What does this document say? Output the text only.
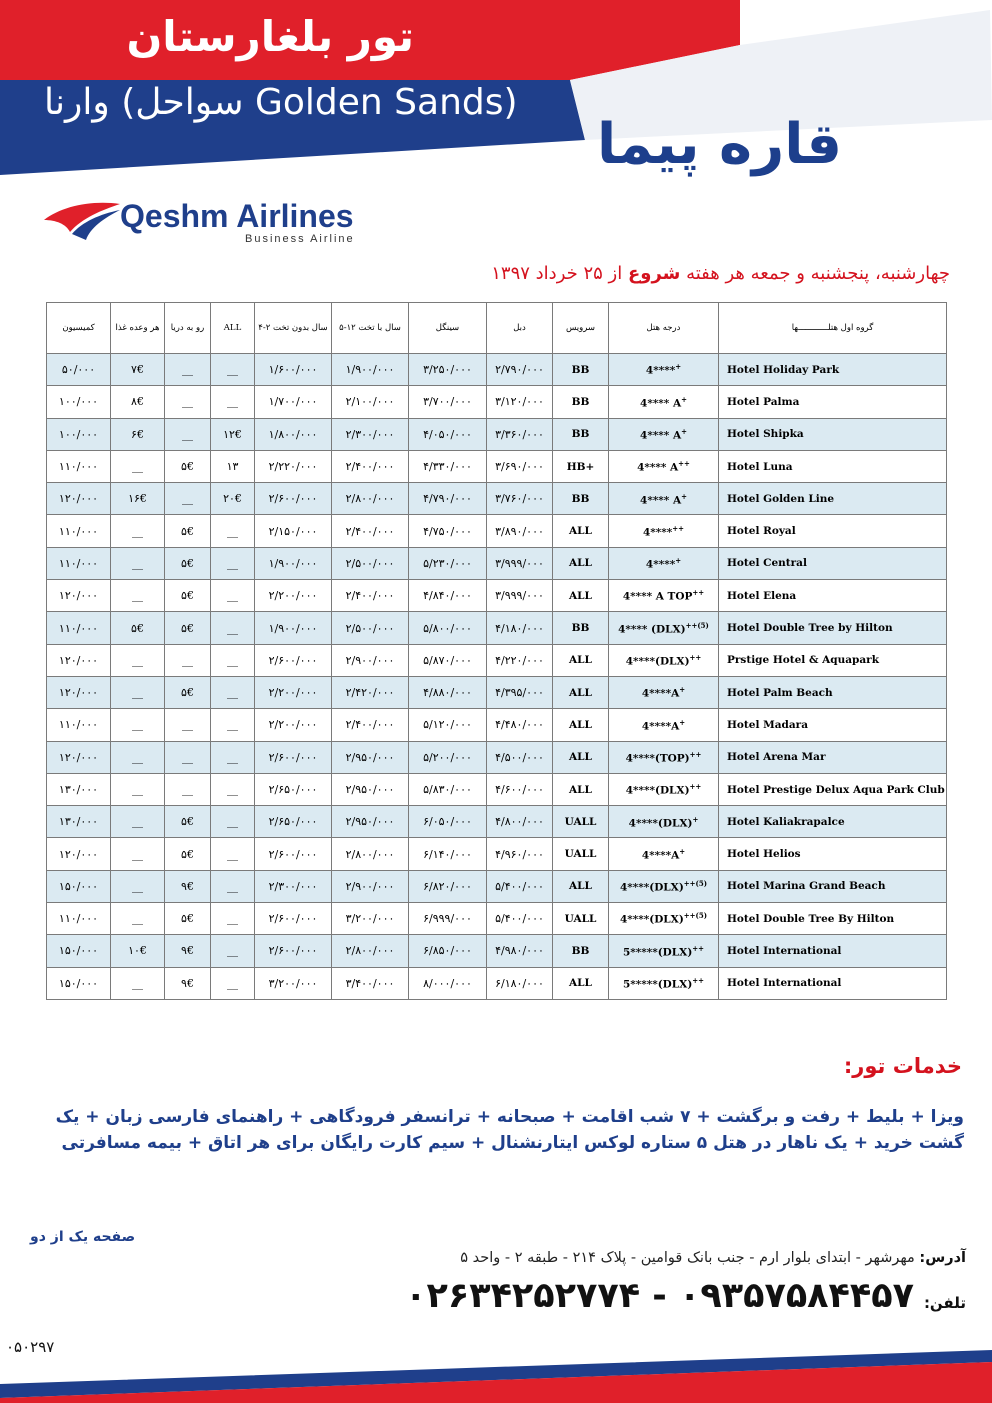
تور بلغارستان
وارنا (سواحل Golden Sands)
قاره پیما
Qeshm Airlines
Business Airline
چهارشنبه، پنجشنبه و جمعه هر هفته شروع از ۲۵ خرداد ۱۳۹۷
کمیسیون	هر وعده غذا	رو به دریا	ALL	۴-۲ سال بدون تخت	۵-۱۲ سال با تخت	سینگل	دبل	سرویس	درجه هتل	گروه اول هتلــــــــــــها
۵۰/۰۰۰	۷€	__	__	۱/۶۰۰/۰۰۰	۱/۹۰۰/۰۰۰	۳/۲۵۰/۰۰۰	۲/۷۹۰/۰۰۰	BB	4****+	Hotel Holiday Park
۱۰۰/۰۰۰	۸€	__	__	۱/۷۰۰/۰۰۰	۲/۱۰۰/۰۰۰	۳/۷۰۰/۰۰۰	۳/۱۲۰/۰۰۰	BB	4**** A+	Hotel Palma
۱۰۰/۰۰۰	۶€	__	۱۲€	۱/۸۰۰/۰۰۰	۲/۳۰۰/۰۰۰	۴/۰۵۰/۰۰۰	۳/۳۶۰/۰۰۰	BB	4**** A+	Hotel Shipka
۱۱۰/۰۰۰	__	۵€	۱۳	۲/۲۲۰/۰۰۰	۲/۴۰۰/۰۰۰	۴/۳۳۰/۰۰۰	۳/۶۹۰/۰۰۰	HB+	4**** A++	Hotel Luna
۱۲۰/۰۰۰	۱۶€	__	۲۰€	۲/۶۰۰/۰۰۰	۲/۸۰۰/۰۰۰	۴/۷۹۰/۰۰۰	۳/۷۶۰/۰۰۰	BB	4**** A+	Hotel Golden Line
۱۱۰/۰۰۰	__	۵€	__	۲/۱۵۰/۰۰۰	۲/۴۰۰/۰۰۰	۴/۷۵۰/۰۰۰	۳/۸۹۰/۰۰۰	ALL	4****++	Hotel Royal
۱۱۰/۰۰۰	__	۵€	__	۱/۹۰۰/۰۰۰	۲/۵۰۰/۰۰۰	۵/۲۳۰/۰۰۰	۳/۹۹۹/۰۰۰	ALL	4****+	Hotel Central
۱۲۰/۰۰۰	__	۵€	__	۲/۲۰۰/۰۰۰	۲/۴۰۰/۰۰۰	۴/۸۴۰/۰۰۰	۳/۹۹۹/۰۰۰	ALL	4**** A TOP++	Hotel Elena
۱۱۰/۰۰۰	۵€	۵€	__	۱/۹۰۰/۰۰۰	۲/۵۰۰/۰۰۰	۵/۸۰۰/۰۰۰	۴/۱۸۰/۰۰۰	BB	4**** (DLX)$^{++(5)}$	Hotel Double Tree by Hilton
۱۲۰/۰۰۰	__	__	__	۲/۶۰۰/۰۰۰	۲/۹۰۰/۰۰۰	۵/۸۷۰/۰۰۰	۴/۲۲۰/۰۰۰	ALL	4****(DLX)++	Prstige Hotel & Aquapark
۱۲۰/۰۰۰	__	۵€	__	۲/۲۰۰/۰۰۰	۲/۴۲۰/۰۰۰	۴/۸۸۰/۰۰۰	۴/۳۹۵/۰۰۰	ALL	4****A+	Hotel Palm Beach
۱۱۰/۰۰۰	__	__	__	۲/۲۰۰/۰۰۰	۲/۴۰۰/۰۰۰	۵/۱۲۰/۰۰۰	۴/۴۸۰/۰۰۰	ALL	4****A+	Hotel Madara
۱۲۰/۰۰۰	__	__	__	۲/۶۰۰/۰۰۰	۲/۹۵۰/۰۰۰	۵/۲۰۰/۰۰۰	۴/۵۰۰/۰۰۰	ALL	4****(TOP)++	Hotel Arena Mar
۱۳۰/۰۰۰	__	__	__	۲/۶۵۰/۰۰۰	۲/۹۵۰/۰۰۰	۵/۸۳۰/۰۰۰	۴/۶۰۰/۰۰۰	ALL	4****(DLX)++	Hotel Prestige Delux Aqua Park Club
۱۳۰/۰۰۰	__	۵€	__	۲/۶۵۰/۰۰۰	۲/۹۵۰/۰۰۰	۶/۰۵۰/۰۰۰	۴/۸۰۰/۰۰۰	UALL	4****(DLX)+	Hotel Kaliakrapalce
۱۲۰/۰۰۰	__	۵€	__	۲/۶۰۰/۰۰۰	۲/۸۰۰/۰۰۰	۶/۱۴۰/۰۰۰	۴/۹۶۰/۰۰۰	UALL	4****A+	Hotel Helios
۱۵۰/۰۰۰	__	۹€	__	۲/۳۰۰/۰۰۰	۲/۹۰۰/۰۰۰	۶/۸۲۰/۰۰۰	۵/۴۰۰/۰۰۰	ALL	4****(DLX)$^{++(5)}$	Hotel Marina Grand Beach
۱۱۰/۰۰۰	__	۵€	__	۲/۶۰۰/۰۰۰	۳/۲۰۰/۰۰۰	۶/۹۹۹/۰۰۰	۵/۴۰۰/۰۰۰	UALL	4****(DLX)$^{++(5)}$	Hotel Double Tree By Hilton
۱۵۰/۰۰۰	۱۰€	۹€	__	۲/۶۰۰/۰۰۰	۲/۸۰۰/۰۰۰	۶/۸۵۰/۰۰۰	۴/۹۸۰/۰۰۰	BB	5*****(DLX)++	Hotel International
۱۵۰/۰۰۰	__	۹€	__	۳/۲۰۰/۰۰۰	۳/۴۰۰/۰۰۰	۸/۰۰۰/۰۰۰	۶/۱۸۰/۰۰۰	ALL	5*****(DLX)++	Hotel International
خدمات تور:
ویزا + بلیط + رفت و برگشت + ۷ شب اقامت + صبحانه + ترانسفر فرودگاهی + راهنمای فارسی زبان + یک گشت خرید + یک ناهار در هتل ۵ ستاره لوکس ایتارنشنال + سیم کارت رایگان برای هر اتاق + بیمه مسافرتی
صفحه یک از دو
آدرس: مهرشهر - ابتدای بلوار ارم - جنب بانک قوامین - پلاک ۲۱۴ - طبقه ۲ - واحد ۵
تلفن:
۰۲۶۳۴۲۵۲۷۷۴ - ۰۹۳۵۷۵۸۴۴۵۷
۰۵۰۲۹۷
